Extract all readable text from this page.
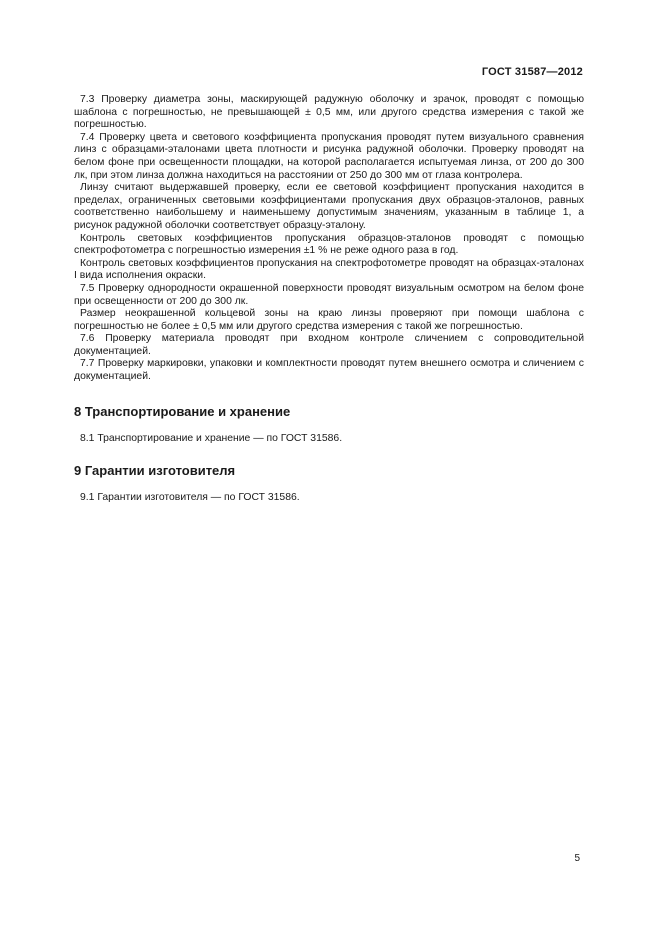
ГОСТ 31587—2012

7.3 Проверку диаметра зоны, маскирующей радужную оболочку и зрачок, проводят с помощью шаблона с погрешностью, не превышающей ± 0,5 мм, или другого средства измерения с такой же погрешностью.

7.4 Проверку цвета и светового коэффициента пропускания проводят путем визуального сравнения линз с образцами-эталонами цвета плотности и рисунка радужной оболочки. Проверку проводят на белом фоне при освещенности площадки, на которой располагается испытуемая линза, от 200 до 300 лк, при этом линза должна находиться на расстоянии от 250 до 300 мм от глаза контролера.

Линзу считают выдержавшей проверку, если ее световой коэффициент пропускания находится в пределах, ограниченных световыми коэффициентами пропускания двух образцов-эталонов, равных соответственно наибольшему и наименьшему допустимым значениям, указанным в таблице 1, а рисунок радужной оболочки соответствует образцу-эталону.

Контроль световых коэффициентов пропускания образцов-эталонов проводят с помощью спектрофотометра с погрешностью измерения ±1 % не реже одного раза в год.

Контроль световых коэффициентов пропускания на спектрофотометре проводят на образцах-эталонах I вида исполнения окраски.

7.5 Проверку однородности окрашенной поверхности проводят визуальным осмотром на белом фоне при освещенности от 200 до 300 лк.

Размер неокрашенной кольцевой зоны на краю линзы проверяют при помощи шаблона с погрешностью не более ± 0,5 мм или другого средства измерения с такой же погрешностью.

7.6 Проверку материала проводят при входном контроле сличением с сопроводительной документацией.

7.7 Проверку маркировки, упаковки и комплектности проводят путем внешнего осмотра и сличением с документацией.

8 Транспортирование и хранение

8.1 Транспортирование и хранение — по ГОСТ 31586.

9 Гарантии изготовителя

9.1 Гарантии изготовителя — по ГОСТ 31586.

5
